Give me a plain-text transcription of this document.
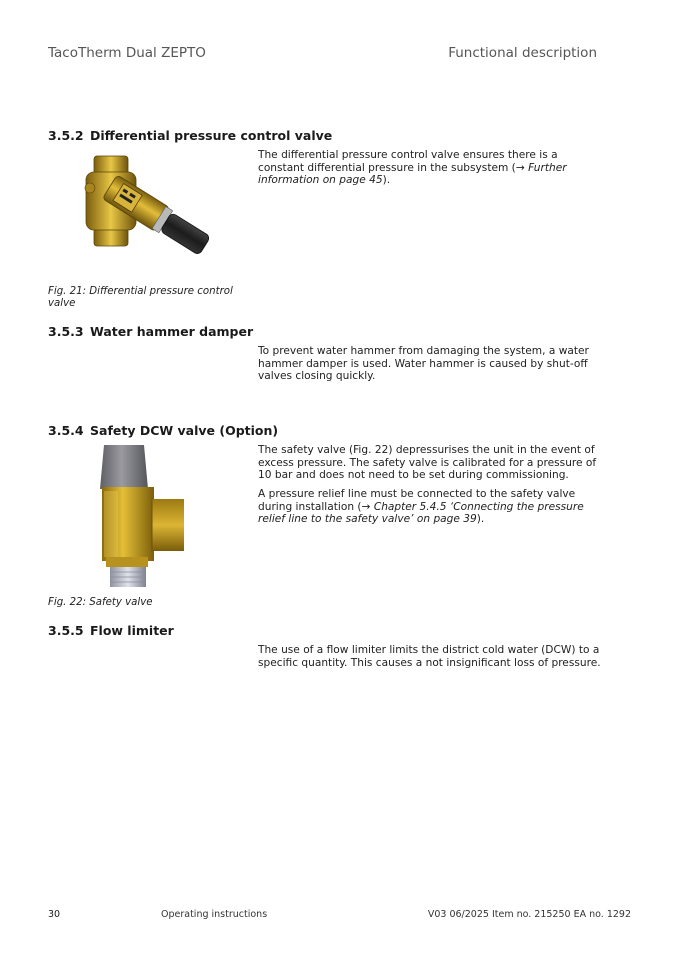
TacoTherm Dual ZEPTO	Functional description
3.5.2 Differential pressure control valve

The differential pressure control valve ensures there is a constant differential pressure in the subsystem (→ Further information on page 45).

Fig. 21: Differential pressure control valve
3.5.3 Water hammer damper

To prevent water hammer from damaging the system, a water hammer damper is used. Water hammer is caused by shut-off valves closing quickly.

3.5.4 Safety DCW valve (Option)

The safety valve (Fig. 22) depressurises the unit in the event of excess pressure. The safety valve is calibrated for a pressure of 10 bar and does not need to be set during commissioning.

A pressure relief line must be connected to the safety valve during installation (→ Chapter 5.4.5 ‘Connecting the pressure relief line to the safety valve’ on page 39).

Fig. 22: Safety valve
3.5.5 Flow limiter

The use of a flow limiter limits the district cold water (DCW) to a specific quantity. This causes a not insignificant loss of pressure.

30	Operating instructions	V03 06/2025 Item no. 215250 EA no. 1292
